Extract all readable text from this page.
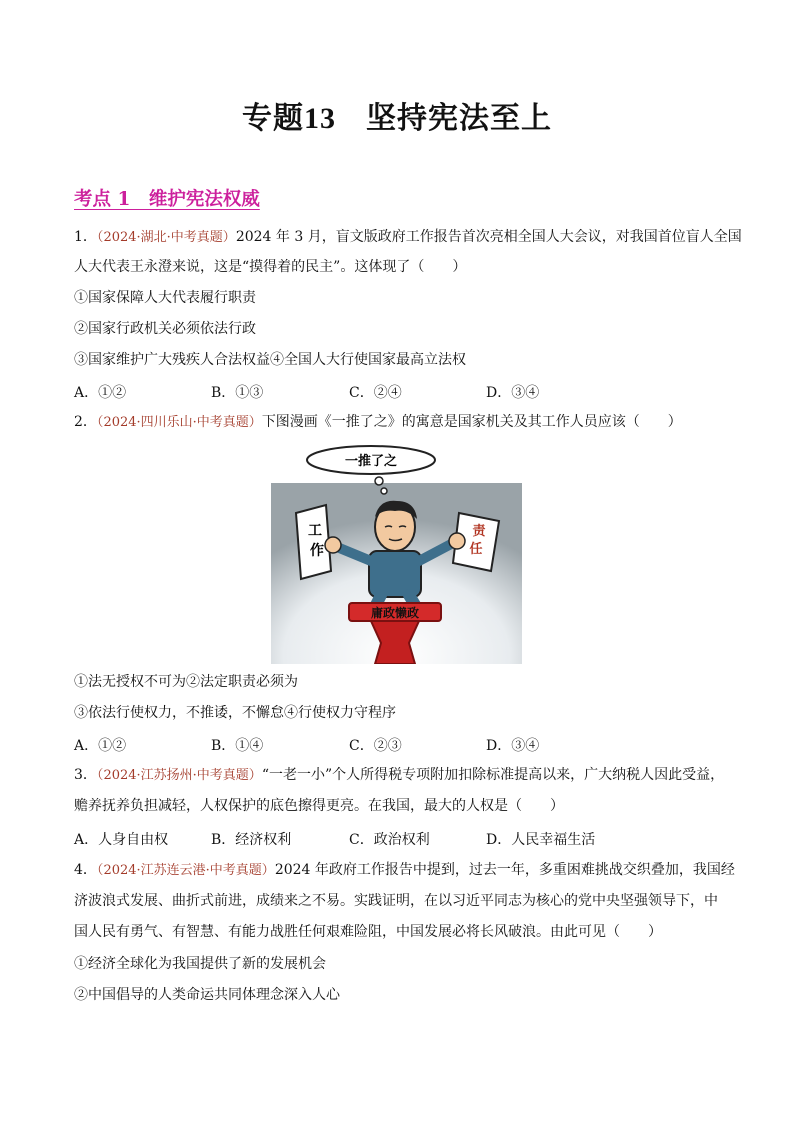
专题13 坚持宪法至上
考点 1　维护宪法权威
1．（2024·湖北·中考真题）2024 年 3 月，盲文版政府工作报告首次亮相全国人大会议，对我国首位盲人全国
人大代表王永澄来说，这是“摸得着的民主”。这体现了（　　）
①国家保障人大代表履行职责
②国家行政机关必须依法行政
③国家维护广大残疾人合法权益④全国人大行使国家最高立法权
A．①②	B．①③	C．②④	D．③④
2．（2024·四川乐山·中考真题）下图漫画《一推了之》的寓意是国家机关及其工作人员应该（　　）
一推了之
工
作
责
任
庸政懒政
①法无授权不可为②法定职责必须为
③依法行使权力，不推诿，不懈怠④行使权力守程序
A．①②	B．①④	C．②③	D．③④
3．（2024·江苏扬州·中考真题）“一老一小”个人所得税专项附加扣除标准提高以来，广大纳税人因此受益，
赡养抚养负担减轻，人权保护的底色擦得更亮。在我国，最大的人权是（　　）
A．人身自由权	B．经济权利	C．政治权利	D．人民幸福生活
4．（2024·江苏连云港·中考真题）2024 年政府工作报告中提到，过去一年，多重困难挑战交织叠加，我国经
济波浪式发展、曲折式前进，成绩来之不易。实践证明，在以习近平同志为核心的党中央坚强领导下，中
国人民有勇气、有智慧、有能力战胜任何艰难险阻，中国发展必将长风破浪。由此可见（　　）
①经济全球化为我国提供了新的发展机会
②中国倡导的人类命运共同体理念深入人心
